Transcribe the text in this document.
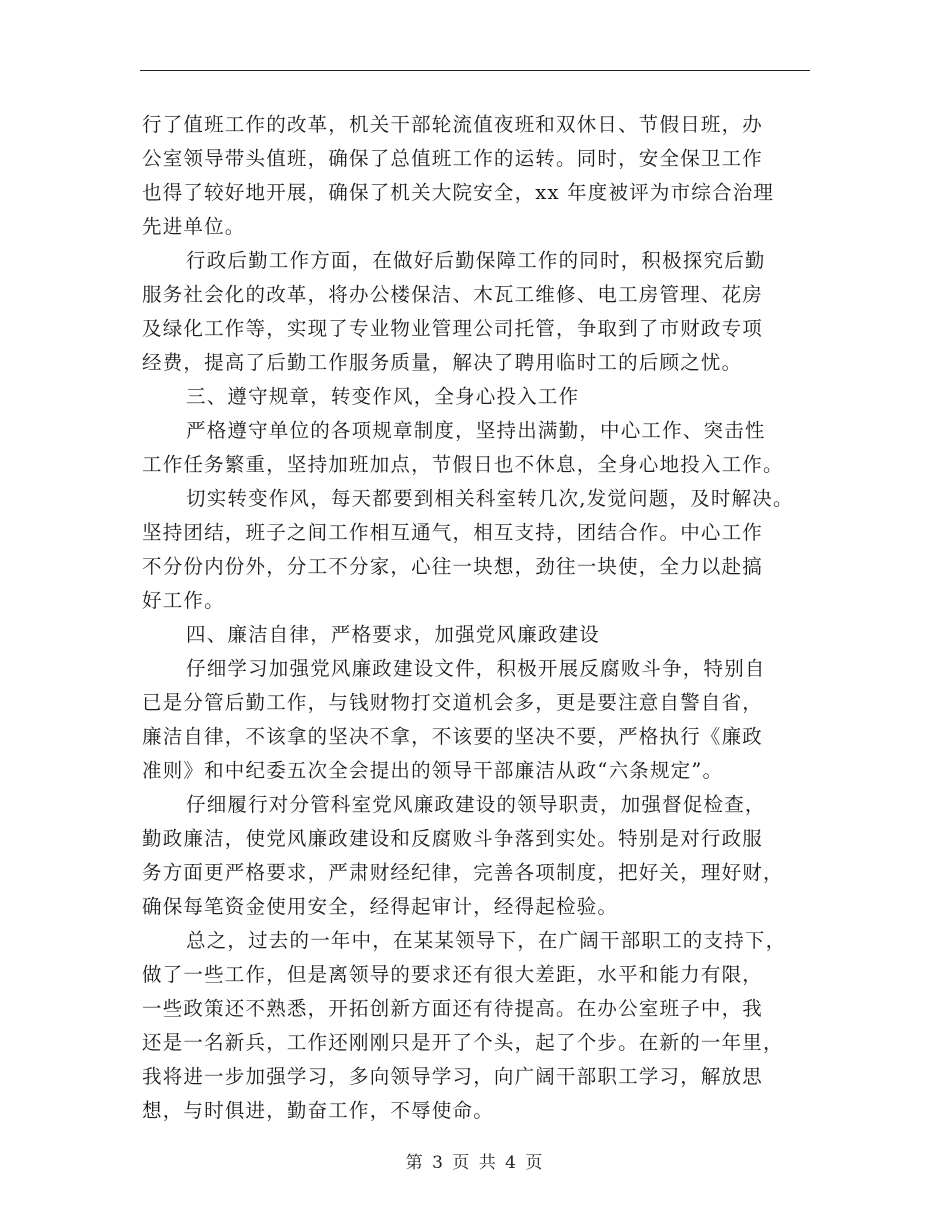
行了值班工作的改革，机关干部轮流值夜班和双休日、节假日班，办
公室领导带头值班，确保了总值班工作的运转。同时，安全保卫工作
也得了较好地开展，确保了机关大院安全，xx 年度被评为市综合治理
先进单位。
行政后勤工作方面，在做好后勤保障工作的同时，积极探究后勤
服务社会化的改革，将办公楼保洁、木瓦工维修、电工房管理、花房
及绿化工作等，实现了专业物业管理公司托管，争取到了市财政专项
经费，提高了后勤工作服务质量，解决了聘用临时工的后顾之忧。
三、遵守规章，转变作风，全身心投入工作
严格遵守单位的各项规章制度，坚持出满勤，中心工作、突击性
工作任务繁重，坚持加班加点，节假日也不休息，全身心地投入工作。
切实转变作风，每天都要到相关科室转几次,发觉问题，及时解决。
坚持团结，班子之间工作相互通气，相互支持，团结合作。中心工作
不分份内份外，分工不分家，心往一块想，劲往一块使，全力以赴搞
好工作。
四、廉洁自律，严格要求，加强党风廉政建设
仔细学习加强党风廉政建设文件，积极开展反腐败斗争，特别自
已是分管后勤工作，与钱财物打交道机会多，更是要注意自警自省，
廉洁自律，不该拿的坚决不拿，不该要的坚决不要，严格执行《廉政
准则》和中纪委五次全会提出的领导干部廉洁从政“六条规定”。
仔细履行对分管科室党风廉政建设的领导职责，加强督促检查，
勤政廉洁，使党风廉政建设和反腐败斗争落到实处。特别是对行政服
务方面更严格要求，严肃财经纪律，完善各项制度，把好关，理好财，
确保每笔资金使用安全，经得起审计，经得起检验。
总之，过去的一年中，在某某领导下，在广阔干部职工的支持下，
做了一些工作，但是离领导的要求还有很大差距，水平和能力有限，
一些政策还不熟悉，开拓创新方面还有待提高。在办公室班子中，我
还是一名新兵，工作还刚刚只是开了个头，起了个步。在新的一年里，
我将进一步加强学习，多向领导学习，向广阔干部职工学习，解放思
想，与时俱进，勤奋工作，不辱使命。
第 3 页 共 4 页
